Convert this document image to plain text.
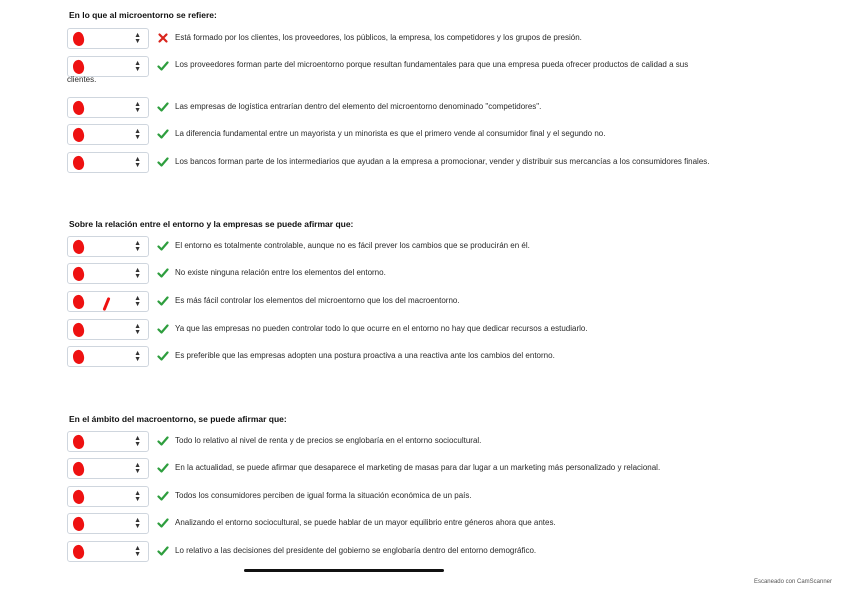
▲
▼	Está formado por los clientes, los proveedores, los públicos, la empresa, los competidores y los grupos de presión.
▲
▼
Los proveedores forman parte del microentorno porque resultan fundamentales para que una empresa pueda ofrecer productos de calidad a sus
clientes.
▲
▼	Las empresas de logística entrarían dentro del elemento del microentorno denominado "competidores".
▲
▼	La diferencia fundamental entre un mayorista y un minorista es que el primero vende al consumidor final y el segundo no.
▲
▼	Los bancos forman parte de los intermediarios que ayudan a la empresa a promocionar, vender y distribuir sus mercancías a los consumidores finales.
▲
▼	El entorno es totalmente controlable, aunque no es fácil prever los cambios que se producirán en él.
▲
▼	No existe ninguna relación entre los elementos del entorno.
▲
▼	Es más fácil controlar los elementos del microentorno que los del macroentorno.
▲
▼	Ya que las empresas no pueden controlar todo lo que ocurre en el entorno no hay que dedicar recursos a estudiarlo.
▲
▼	Es preferible que las empresas adopten una postura proactiva a una reactiva ante los cambios del entorno.
▲
▼	Todo lo relativo al nivel de renta y de precios se englobaría en el entorno sociocultural.
▲
▼	En la actualidad, se puede afirmar que desaparece el marketing de masas para dar lugar a un marketing más personalizado y relacional.
▲
▼	Todos los consumidores perciben de igual forma la situación económica de un país.
▲
▼	Analizando el entorno sociocultural, se puede hablar de un mayor equilibrio entre géneros ahora que antes.
▲
▼	Lo relativo a las decisiones del presidente del gobierno se englobaría dentro del entorno demográfico.
Escaneado con CamScanner
En lo que al microentorno se refiere:
Sobre la relación entre el entorno y la empresas se puede afirmar que:
En el ámbito del macroentorno, se puede afirmar que:
